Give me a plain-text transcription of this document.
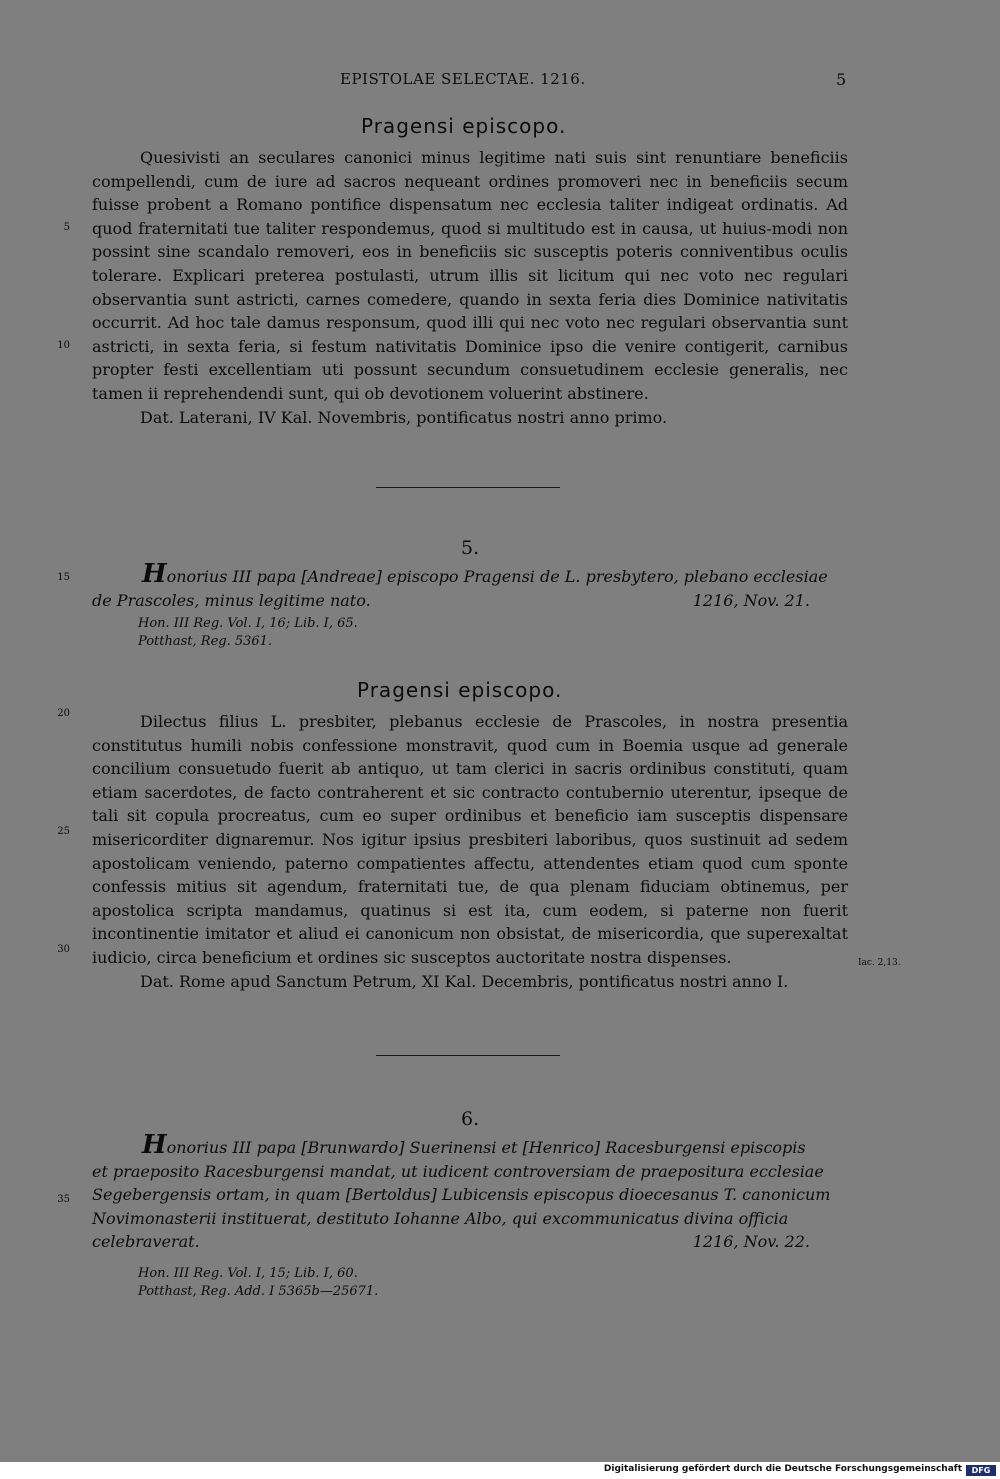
EPISTOLAE SELECTAE. 1216.	5
Pragensi episcopo.

Quesivisti an seculares canonici minus legitime nati suis sint renuntiare beneficiis compellendi, cum de iure ad sacros nequeant ordines promoveri nec in beneficiis secum fuisse probent a Romano pontifice dispensatum nec ecclesia taliter indigeat ordinatis. Ad quod fraternitati tue taliter respondemus, quod si multitudo est in causa, ut huius-modi non possint sine scandalo removeri, eos in beneficiis sic susceptis poteris conniventibus oculis tolerare. Explicari preterea postulasti, utrum illis sit licitum qui nec voto nec regulari observantia sunt astricti, carnes comedere, quando in sexta feria dies Dominice nativitatis occurrit. Ad hoc tale damus responsum, quod illi qui nec voto nec regulari observantia sunt astricti, in sexta feria, si festum nativitatis Dominice ipso die venire contigerit, carnibus propter festi excellentiam uti possunt secundum consuetudinem ecclesie generalis, nec tamen ii reprehendendi sunt, qui ob devotionem voluerint abstinere.

Dat. Laterani, IV Kal. Novembris, pontificatus nostri anno primo.

5
10
5.
15	Honorius III papa [Andreae] episcopo Pragensi de L. presbytero, plebano ecclesiae
1216, Nov. 21.
de Prascoles, minus legitime nato.
Hon. III Reg. Vol. I, 16; Lib. I, 65.
Potthast, Reg. 5361.
Pragensi episcopo.

Dilectus filius L. presbiter, plebanus ecclesie de Prascoles, in nostra presentia constitutus humili nobis confessione monstravit, quod cum in Boemia usque ad generale concilium consuetudo fuerit ab antiquo, ut tam clerici in sacris ordinibus constituti, quam etiam sacerdotes, de facto contraherent et sic contracto contubernio uterentur, ipseque de tali sit copula procreatus, cum eo super ordinibus et beneficio iam susceptis dispensare misericorditer dignaremur. Nos igitur ipsius presbiteri laboribus, quos sustinuit ad sedem apostolicam veniendo, paterno compatientes affectu, attendentes etiam quod cum sponte confessis mitius sit agendum, fraternitati tue, de qua plenam fiduciam obtinemus, per apostolica scripta mandamus, quatinus si est ita, cum eodem, si paterne non fuerit incontinentie imitator et aliud ei canonicum non obsistat, de misericordia, que superexaltat iudicio, circa beneficium et ordines sic susceptos auctoritate nostra dispenses.

Dat. Rome apud Sanctum Petrum, XI Kal. Decembris, pontificatus nostri anno I.

20
25
30
Iac. 2,13.
6.
Honorius III papa [Brunwardo] Suerinensi et [Henrico] Racesburgensi episcopis
et praeposito Racesburgensi mandat, ut iudicent controversiam de praepositura ecclesiae
Segebergensis ortam, in quam [Bertoldus] Lubicensis episcopus dioecesanus T. canonicum
Novimonasterii instituerat, destituto Iohanne Albo, qui excommunicatus divina officia
1216, Nov. 22.
celebraverat.
35
Hon. III Reg. Vol. I, 15; Lib. I, 60.
Potthast, Reg. Add. I 5365b—25671.
Digitalisierung gefördert durch die Deutsche Forschungsgemeinschaft	DFG
